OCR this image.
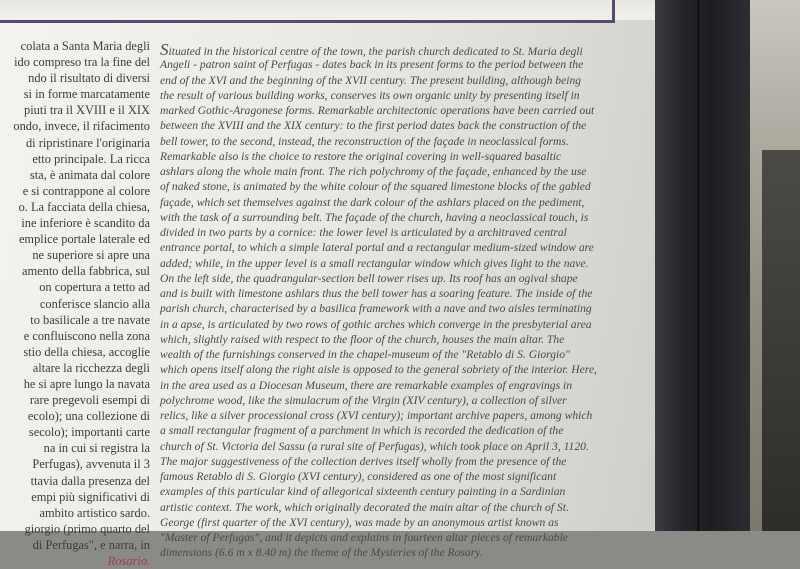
colata a Santa Maria degli
ido compreso tra la fine del
ndo il risultato di diversi
si in forme marcatamente
piuti tra il XVIII e il XIX
ondo, invece, il rifacimento
di ripristinare l'originaria
etto principale. La ricca
sta, è animata dal colore
e si contrappone al colore
o. La facciata della chiesa,
ine inferiore è scandito da
emplice portale laterale ed
ne superiore si apre una
amento della fabbrica, sul
on copertura a tetto ad
conferisce slancio alla
to basilicale a tre navate
e confluiscono nella zona
stio della chiesa, accoglie
altare la ricchezza degli
he si apre lungo la navata
rare pregevoli esempi di
ecolo); una collezione di
secolo); importanti carte
na in cui si registra la
Perfugas), avvenuta il 3
ttavia dalla presenza del
empi più significativi di
ambito artistico sardo.
giorgio (primo quarto del
di Perfugas", e narra, in
Rosario.
Situated in the historical centre of the town, the parish church dedicated to St. Maria degli
Angeli - patron saint of Perfugas - dates back in its present forms to the period between the
end of the XVI and the beginning of the XVII century. The present building, although being
the result of various building works, conserves its own organic unity by presenting itself in
marked Gothic-Aragonese forms. Remarkable architectonic operations have been carried out
between the XVIII and the XIX century: to the first period dates back the construction of the
bell tower, to the second, instead, the reconstruction of the façade in neoclassical forms.
Remarkable also is the choice to restore the original covering in well-squared basaltic
ashlars along the whole main front. The rich polychromy of the façade, enhanced by the use
of naked stone, is animated by the white colour of the squared limestone blocks of the gabled
façade, which set themselves against the dark colour of the ashlars placed on the pediment,
with the task of a surrounding belt. The façade of the church, having a neoclassical touch, is
divided in two parts by a cornice: the lower level is articulated by a architraved central
entrance portal, to which a simple lateral portal and a rectangular medium-sized window are
added; while, in the upper level is a small rectangular window which gives light to the nave.
On the left side, the quadrangular-section bell tower rises up. Its roof has an ogival shape
and is built with limestone ashlars thus the bell tower has a soaring feature. The inside of the
parish church, characterised by a basilica framework with a nave and two aisles terminating
in a apse, is articulated by two rows of gothic arches which converge in the presbyterial area
which, slightly raised with respect to the floor of the church, houses the main altar. The
wealth of the furnishings conserved in the chapel-museum of the "Retablo di S. Giorgio"
which opens itself along the right aisle is opposed to the general sobriety of the interior. Here,
in the area used as a Diocesan Museum, there are remarkable examples of engravings in
polychrome wood, like the simulacrum of the Virgin (XIV century), a collection of silver
relics, like a silver processional cross (XVI century); important archive papers, among which
a small rectangular fragment of a parchment in which is recorded the dedication of the
church of St. Victoria del Sassu (a rural site of Perfugas), which took place on April 3, 1120.
The major suggestiveness of the collection derives itself wholly from the presence of the
famous Retablo di S. Giorgio (XVI century), considered as one of the most significant
examples of this particular kind of allegorical sixteenth century painting in a Sardinian
artistic context. The work, which originally decorated the main altar of the church of St.
George (first quarter of the XVI century), was made by an anonymous artist known as
"Master of Perfugas", and it depicts and explains in fourteen altar pieces of remarkable
dimensions (6.6 m x 8.40 m) the theme of the Mysteries of the Rosary.
